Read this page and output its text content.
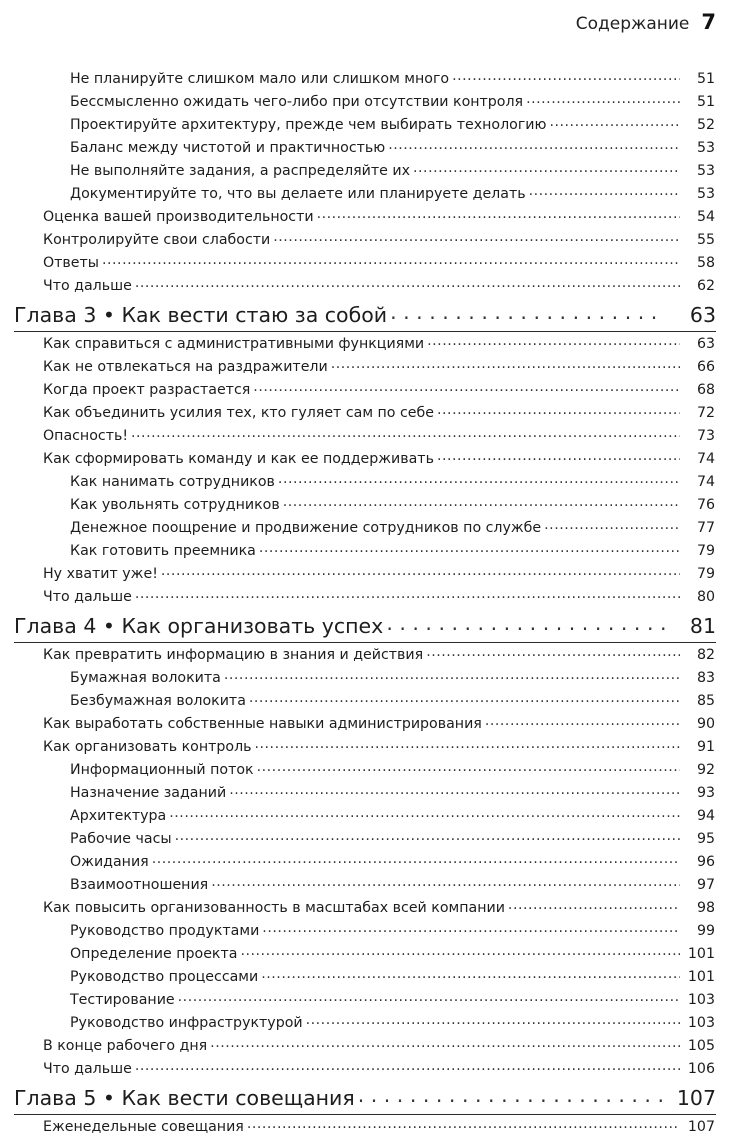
Содержание 7
Не планируйте слишком мало или слишком много . . .	51
Бессмысленно ожидать чего-либо при отсутствии контроля . . .	51
Проектируйте архитектуру, прежде чем выбирать технологию . . .	52
Баланс между чистотой и практичностью . . .	53
Не выполняйте задания, а распределяйте их . . .	53
Документируйте то, что вы делаете или планируете делать . . .	53
Оценка вашей производительности . . .	54
Контролируйте свои слабости . . .	55
Ответы . . .	58
Что дальше . . .	62
Глава 3 • Как вести стаю за собой . . .	63
Как справиться с административными функциями . . .	63
Как не отвлекаться на раздражители . . .	66
Когда проект разрастается . . .	68
Как объединить усилия тех, кто гуляет сам по себе . . .	72
Опасность! . . .	73
Как сформировать команду и как ее поддерживать . . .	74
Как нанимать сотрудников . . .	74
Как увольнять сотрудников . . .	76
Денежное поощрение и продвижение сотрудников по службе . . .	77
Как готовить преемника . . .	79
Ну хватит уже! . . .	79
Что дальше . . .	80
Глава 4 • Как организовать успех . . .	81
Как превратить информацию в знания и действия . . .	82
Бумажная волокита . . .	83
Безбумажная волокита . . .	85
Как выработать собственные навыки администрирования . . .	90
Как организовать контроль . . .	91
Информационный поток . . .	92
Назначение заданий . . .	93
Архитектура . . .	94
Рабочие часы . . .	95
Ожидания . . .	96
Взаимоотношения . . .	97
Как повысить организованность в масштабах всей компании . . .	98
Руководство продуктами . . .	99
Определение проекта . . .	101
Руководство процессами . . .	101
Тестирование . . .	103
Руководство инфраструктурой . . .	103
В конце рабочего дня . . .	105
Что дальше . . .	106
Глава 5 • Как вести совещания . . .	107
Еженедельные совещания . . .	107
